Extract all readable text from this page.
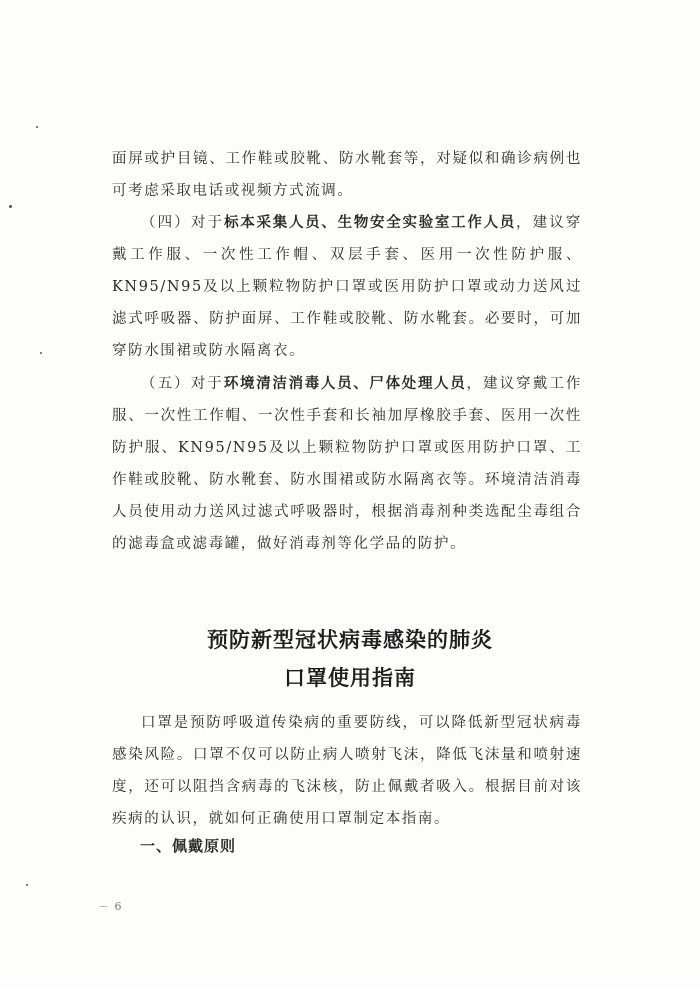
面屏或护目镜、工作鞋或胶靴、防水靴套等，对疑似和确诊病例也可考虑采取电话或视频方式流调。

（四）对于标本采集人员、生物安全实验室工作人员，建议穿戴工作服、一次性工作帽、双层手套、医用一次性防护服、KN95/N95及以上颗粒物防护口罩或医用防护口罩或动力送风过滤式呼吸器、防护面屏、工作鞋或胶靴、防水靴套。必要时，可加穿防水围裙或防水隔离衣。

（五）对于环境清洁消毒人员、尸体处理人员，建议穿戴工作服、一次性工作帽、一次性手套和长袖加厚橡胶手套、医用一次性防护服、KN95/N95及以上颗粒物防护口罩或医用防护口罩、工作鞋或胶靴、防水靴套、防水围裙或防水隔离衣等。环境清洁消毒人员使用动力送风过滤式呼吸器时，根据消毒剂种类选配尘毒组合的滤毒盒或滤毒罐，做好消毒剂等化学品的防护。

预防新型冠状病毒感染的肺炎
口罩使用指南

口罩是预防呼吸道传染病的重要防线，可以降低新型冠状病毒感染风险。口罩不仅可以防止病人喷射飞沫，降低飞沫量和喷射速度，还可以阻挡含病毒的飞沫核，防止佩戴者吸入。根据目前对该疾病的认识，就如何正确使用口罩制定本指南。

一、佩戴原则
－ 6
